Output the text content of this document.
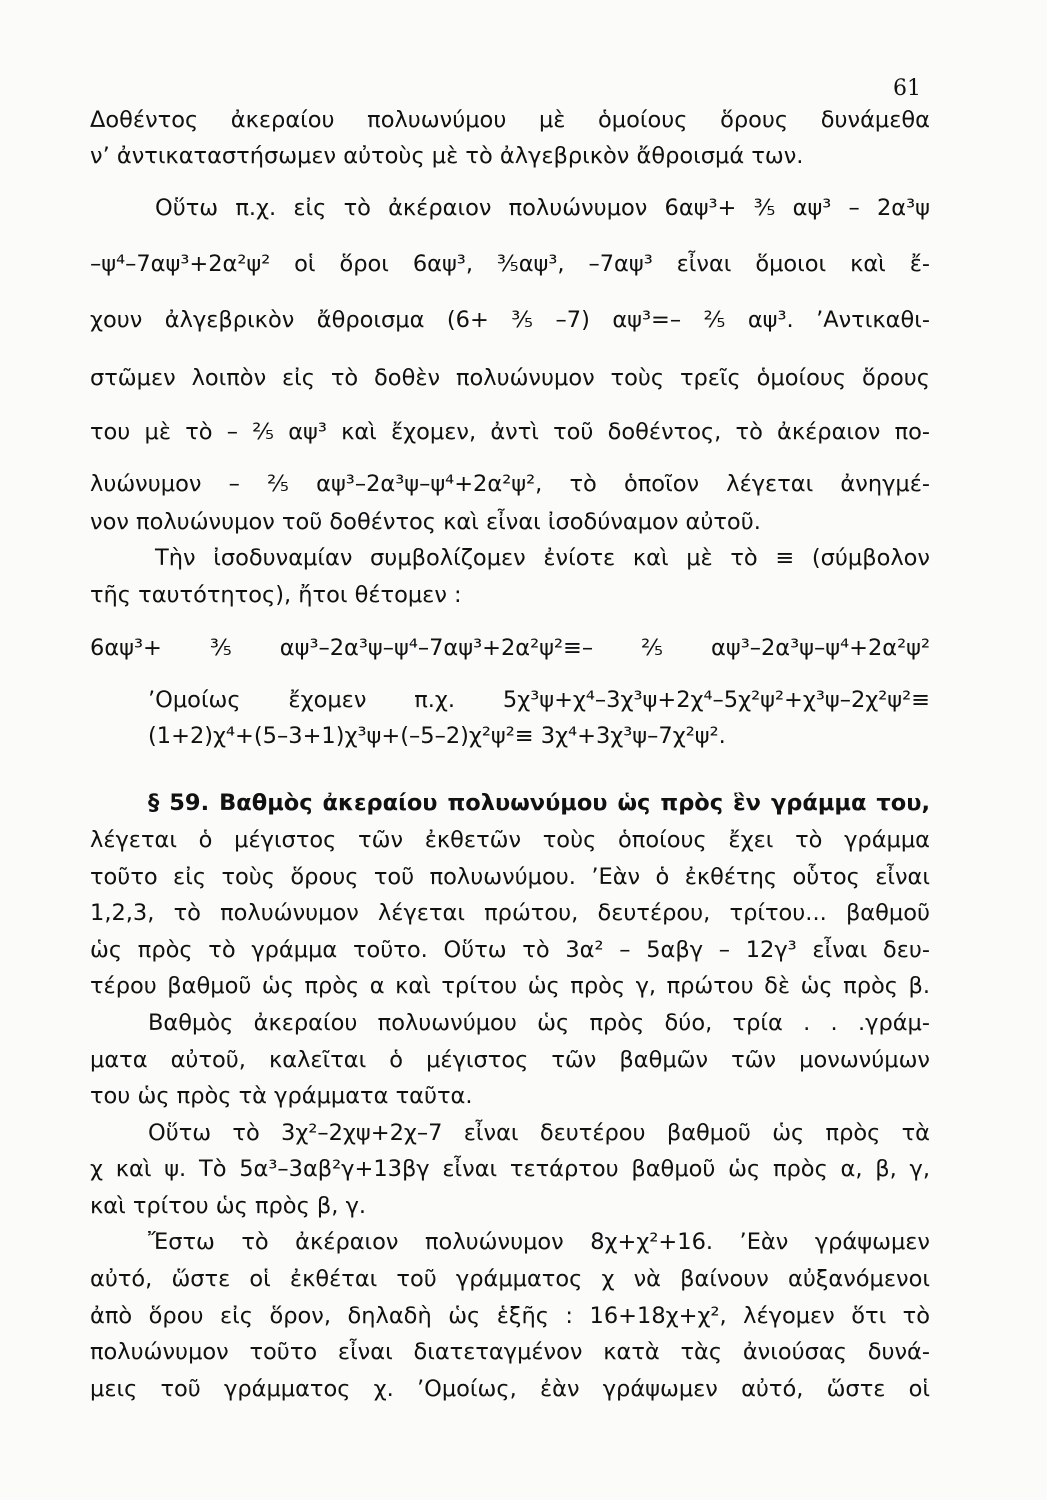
61
Δοθέντος ἀκεραίου πολυωνύμου μὲ ὁμοίους ὅρους δυνάμεθα
ν’ ἀντικαταστήσωμεν αὐτοὺς μὲ τὸ ἀλγεβρικὸν ἄθροισμά των.
Οὕτω π.χ. εἰς τὸ ἀκέραιον πολυώνυμον 6αψ³+ ³⁄₅ αψ³ – 2α³ψ
–ψ⁴–7αψ³+2α²ψ² οἱ ὅροι 6αψ³, ³⁄₅αψ³, –7αψ³ εἶναι ὅμοιοι καὶ ἔ-
χουν ἀλγεβρικὸν ἄθροισμα (6+ ³⁄₅ –7) αψ³=– ²⁄₅ αψ³. ’Αντικαθι-
στῶμεν λοιπὸν εἰς τὸ δοθὲν πολυώνυμον τοὺς τρεῖς ὁμοίους ὅρους
του μὲ τὸ – ²⁄₅ αψ³ καὶ ἔχομεν, ἀντὶ τοῦ δοθέντος, τὸ ἀκέραιον πο-
λυώνυμον – ²⁄₅ αψ³–2α³ψ–ψ⁴+2α²ψ², τὸ ὁποῖον λέγεται ἀνηγμέ-
νον πολυώνυμον τοῦ δοθέντος καὶ εἶναι ἰσοδύναμον αὐτοῦ.
Τὴν ἰσοδυναμίαν συμβολίζομεν ἐνίοτε καὶ μὲ τὸ ≡ (σύμβολον
τῆς ταυτότητος), ἤτοι θέτομεν :
6αψ³+ ³⁄₅ αψ³–2α³ψ–ψ⁴–7αψ³+2α²ψ²≡– ²⁄₅ αψ³–2α³ψ–ψ⁴+2α²ψ²
’Ομοίως ἔχομεν π.χ. 5χ³ψ+χ⁴–3χ³ψ+2χ⁴–5χ²ψ²+χ³ψ–2χ²ψ²≡
(1+2)χ⁴+(5–3+1)χ³ψ+(–5–2)χ²ψ²≡ 3χ⁴+3χ³ψ–7χ²ψ².
§ 59. Βαθμὸς ἀκεραίου πολυωνύμου ὡς πρὸς ἓν γράμμα του,
λέγεται ὁ μέγιστος τῶν ἐκθετῶν τοὺς ὁποίους ἔχει τὸ γράμμα
τοῦτο εἰς τοὺς ὅρους τοῦ πολυωνύμου. ’Εὰν ὁ ἐκθέτης οὗτος εἶναι
1,2,3, τὸ πολυώνυμον λέγεται πρώτου, δευτέρου, τρίτου... βαθμοῦ
ὡς πρὸς τὸ γράμμα τοῦτο. Οὕτω τὸ 3α² – 5αβγ – 12γ³ εἶναι δευ-
τέρου βαθμοῦ ὡς πρὸς α καὶ τρίτου ὡς πρὸς γ, πρώτου δὲ ὡς πρὸς β.
Βαθμὸς ἀκεραίου πολυωνύμου ὡς πρὸς δύο, τρία . . .γράμ-
ματα αὐτοῦ, καλεῖται ὁ μέγιστος τῶν βαθμῶν τῶν μονωνύμων
του ὡς πρὸς τὰ γράμματα ταῦτα.
Οὕτω τὸ 3χ²–2χψ+2χ–7 εἶναι δευτέρου βαθμοῦ ὡς πρὸς τὰ
χ καὶ ψ. Τὸ 5α³–3αβ²γ+13βγ εἶναι τετάρτου βαθμοῦ ὡς πρὸς α, β, γ,
καὶ τρίτου ὡς πρὸς β, γ.
Ἔστω τὸ ἀκέραιον πολυώνυμον 8χ+χ²+16. ’Εὰν γράψωμεν
αὐτό, ὥστε οἱ ἐκθέται τοῦ γράμματος χ νὰ βαίνουν αὐξανόμενοι
ἀπὸ ὅρου εἰς ὅρον, δηλαδὴ ὡς ἑξῆς : 16+18χ+χ², λέγομεν ὅτι τὸ
πολυώνυμον τοῦτο εἶναι διατεταγμένον κατὰ τὰς ἀνιούσας δυνά-
μεις τοῦ γράμματος χ. ’Ομοίως, ἐὰν γράψωμεν αὐτό, ὥστε οἱ
